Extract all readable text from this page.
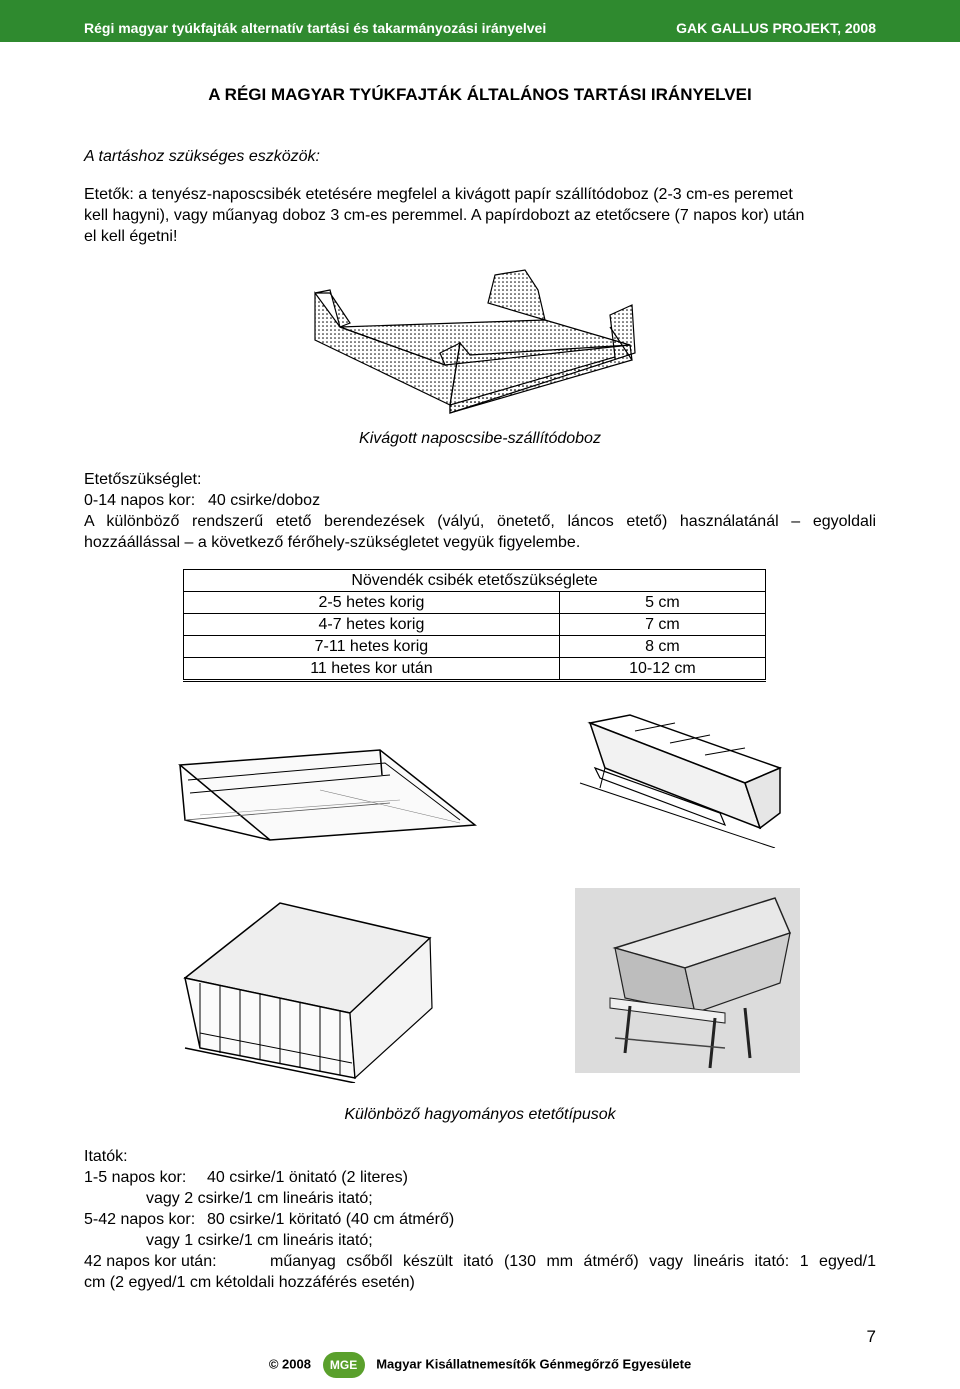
Régi magyar tyúkfajták alternatív tartási és takarmányozási irányelvei	GAK GALLUS PROJEKT, 2008
A RÉGI MAGYAR TYÚKFAJTÁK ÁLTALÁNOS TARTÁSI IRÁNYELVEI
A tartáshoz szükséges eszközök:
Etetők: a tenyész-naposcsibék etetésére megfelel a kivágott papír szállítódoboz (2-3 cm-es peremet
kell hagyni), vagy műanyag doboz 3 cm-es peremmel. A papírdobozt az etetőcsere (7 napos kor) után
el kell égetni!
Kivágott naposcsibe-szállítódoboz
Etetőszükséglet:
0-14 napos kor: 40 csirke/doboz
A különböző rendszerű etető berendezések (vályú, önetető, láncos etető) használatánál – egyoldali
hozzáállással – a következő férőhely-szükségletet vegyük figyelembe.
Növendék csibék etetőszükséglete	
2-5 hetes korig	5 cm
4-7 hetes korig	7 cm
7-11 hetes korig	8 cm
11 hetes kor után	10-12 cm
Különböző hagyományos etetőtípusok
Itatók:
1-5 napos kor: 40 csirke/1 önitató (2 literes)
vagy 2 csirke/1 cm lineáris itató;
5-42 napos kor: 80 csirke/1 köritató (40 cm átmérő)
vagy 1 csirke/1 cm lineáris itató;
42 napos kor után:	műanyag csőből készült itató (130 mm átmérő) vagy lineáris itató: 1 egyed/1
cm (2 egyed/1 cm kétoldali hozzáférés esetén)
7
© 2008 MGE Magyar Kisállatnemesítők Génmegőrző Egyesülete
